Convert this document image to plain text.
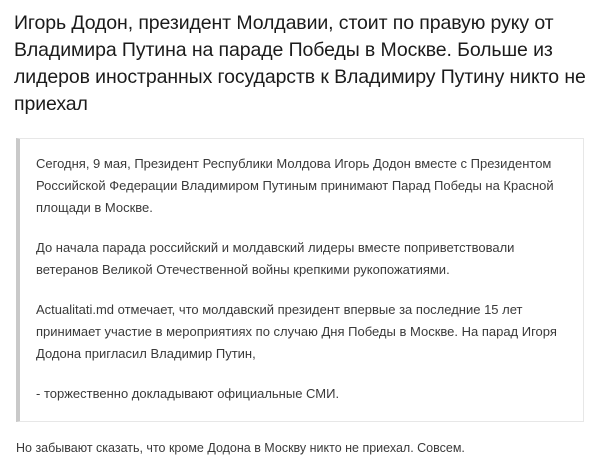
Игорь Додон, президент Молдавии, стоит по правую руку от Владимира Путина на параде Победы в Москве. Больше из лидеров иностранных государств к Владимиру Путину никто не приехал

Сегодня, 9 мая, Президент Республики Молдова Игорь Додон вместе с Президентом Российской Федерации Владимиром Путиным принимают Парад Победы на Красной площади в Москве.

До начала парада российский и молдавский лидеры вместе поприветствовали ветеранов Великой Отечественной войны крепкими рукопожатиями.

Actualitati.md отмечает, что молдавский президент впервые за последние 15 лет принимает участие в мероприятиях по случаю Дня Победы в Москве. На парад Игоря Додона пригласил Владимир Путин,

- торжественно докладывают официальные СМИ.

Но забывают сказать, что кроме Додона в Москву никто не приехал. Совсем.
